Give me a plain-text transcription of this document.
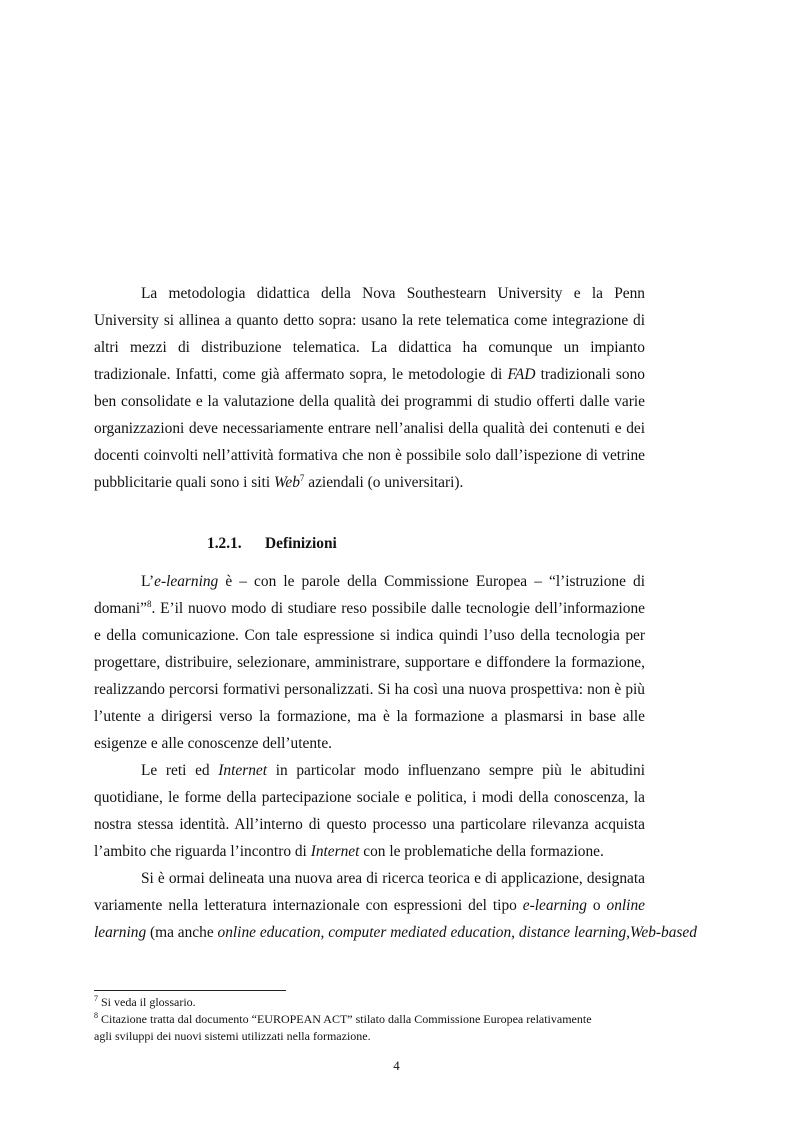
La metodologia didattica della Nova Southestearn University e la Penn
University si allinea a quanto detto sopra: usano la rete telematica come integrazione di
altri mezzi di distribuzione telematica. La didattica ha comunque un impianto
tradizionale. Infatti, come già affermato sopra, le metodologie di FAD tradizionali sono
ben consolidate e la valutazione della qualità dei programmi di studio offerti dalle varie
organizzazioni deve necessariamente entrare nell’analisi della qualità dei contenuti e dei
docenti coinvolti nell’attività formativa che non è possibile solo dall’ispezione di vetrine
pubblicitarie quali sono i siti Web$^7$ aziendali (o universitari).
1.2.1. Definizioni
L’e-learning è – con le parole della Commissione Europea – “l’istruzione di
domani”$^8$. E’il nuovo modo di studiare reso possibile dalle tecnologie dell’informazione
e della comunicazione. Con tale espressione si indica quindi l’uso della tecnologia per
progettare, distribuire, selezionare, amministrare, supportare e diffondere la formazione,
realizzando percorsi formativi personalizzati. Si ha così una nuova prospettiva: non è più
l’utente a dirigersi verso la formazione, ma è la formazione a plasmarsi in base alle
esigenze e alle conoscenze dell’utente.
Le reti ed Internet in particolar modo influenzano sempre più le abitudini
quotidiane, le forme della partecipazione sociale e politica, i modi della conoscenza, la
nostra stessa identità. All’interno di questo processo una particolare rilevanza acquista
l’ambito che riguarda l’incontro di Internet con le problematiche della formazione.
Si è ormai delineata una nuova area di ricerca teorica e di applicazione, designata
variamente nella letteratura internazionale con espressioni del tipo e-learning o online
learning (ma anche online education, computer mediated education, distance learning,Web-based
$^7$ Si veda il glossario.
$^8$ Citazione tratta dal documento “EUROPEAN ACT” stilato dalla Commissione Europea relativamente
agli sviluppi dei nuovi sistemi utilizzati nella formazione.
4
